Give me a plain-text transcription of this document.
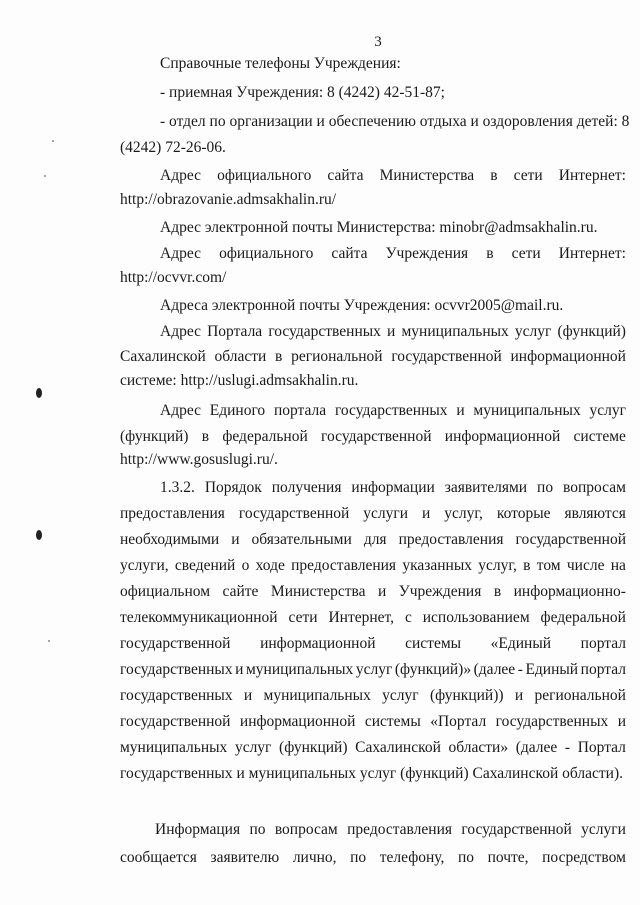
3
Справочные телефоны Учреждения:
- приемная Учреждения: 8 (4242) 42-51-87;
- отдел по организации и обеспечению отдыха и оздоровления детей: 8
(4242) 72-26-06.
Адрес официального сайта Министерства в сети Интернет:
http://obrazovanie.admsakhalin.ru/
Адрес электронной почты Министерства: minobr@admsakhalin.ru.
Адрес официального сайта Учреждения в сети Интернет:
http://ocvvr.com/
Адреса электронной почты Учреждения: ocvvr2005@mail.ru.
Адрес Портала государственных и муниципальных услуг (функций)
Сахалинской области в региональной государственной информационной
системе: http://uslugi.admsakhalin.ru.
Адрес Единого портала государственных и муниципальных услуг
(функций) в федеральной государственной информационной системе
http://www.gosuslugi.ru/.
1.3.2. Порядок получения информации заявителями по вопросам
предоставления государственной услуги и услуг, которые являются
необходимыми и обязательными для предоставления государственной
услуги, сведений о ходе предоставления указанных услуг, в том числе на
официальном сайте Министерства и Учреждения в информационно-
телекоммуникационной сети Интернет, с использованием федеральной
государственной информационной системы «Единый портал
государственных и муниципальных услуг (функций)» (далее - Единый портал
государственных и муниципальных услуг (функций)) и региональной
государственной информационной системы «Портал государственных и
муниципальных услуг (функций) Сахалинской области» (далее - Портал
государственных и муниципальных услуг (функций) Сахалинской области).
Информация по вопросам предоставления государственной услуги
сообщается заявителю лично, по телефону, по почте, посредством
